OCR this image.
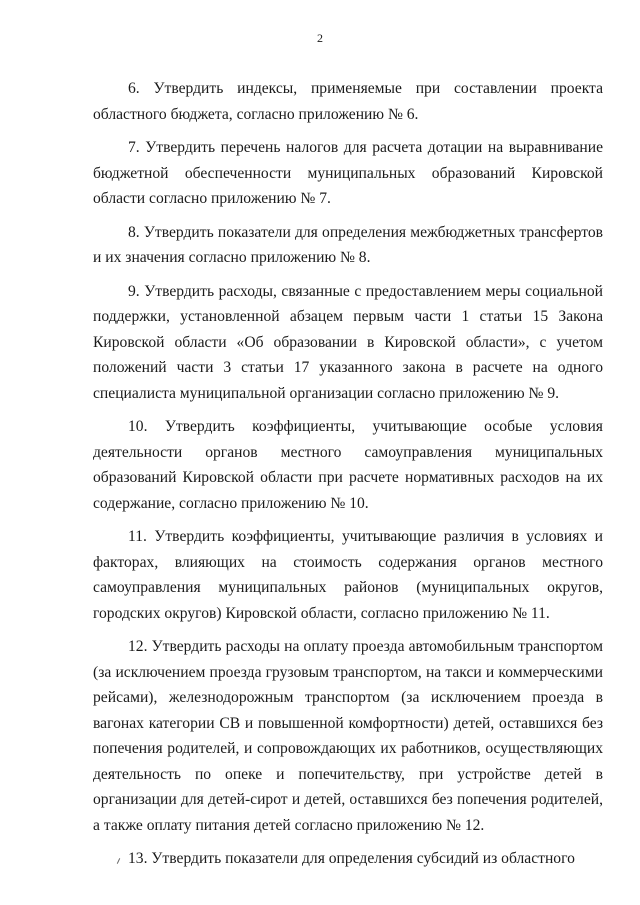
2

6. Утвердить индексы, применяемые при составлении проекта областного бюджета, согласно приложению № 6.

7. Утвердить перечень налогов для расчета дотации на выравнивание бюджетной обеспеченности муниципальных образований Кировской области согласно приложению № 7.

8. Утвердить показатели для определения межбюджетных трансфертов и их значения согласно приложению № 8.

9. Утвердить расходы, связанные с предоставлением меры социальной поддержки, установленной абзацем первым части 1 статьи 15 Закона Кировской области «Об образовании в Кировской области», с учетом положений части 3 статьи 17 указанного закона в расчете на одного специалиста муниципальной организации согласно приложению № 9.

10. Утвердить коэффициенты, учитывающие особые условия деятельности органов местного самоуправления муниципальных образований Кировской области при расчете нормативных расходов на их содержание, согласно приложению № 10.

11. Утвердить коэффициенты, учитывающие различия в условиях и факторах, влияющих на стоимость содержания органов местного самоуправления муниципальных районов (муниципальных округов, городских округов) Кировской области, согласно приложению № 11.

12. Утвердить расходы на оплату проезда автомобильным транспортом (за исключением проезда грузовым транспортом, на такси и коммерческими рейсами), железнодорожным транспортом (за исключением проезда в вагонах категории СВ и повышенной комфортности) детей, оставшихся без попечения родителей, и сопровождающих их работников, осуществляющих деятельность по опеке и попечительству, при устройстве детей в организации для детей-сирот и детей, оставшихся без попечения родителей, а также оплату питания детей согласно приложению № 12.

13. Утвердить показатели для определения субсидий из областного
